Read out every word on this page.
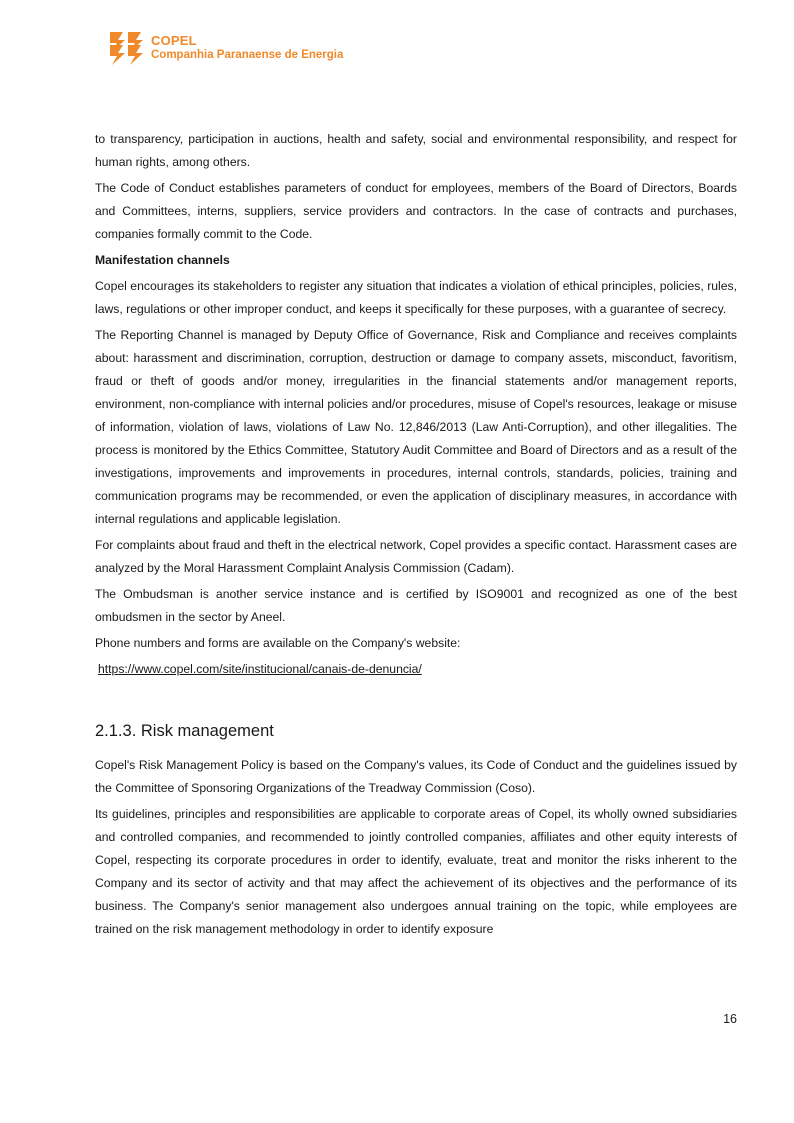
COPEL
Companhia Paranaense de Energia

to transparency, participation in auctions, health and safety, social and environmental responsibility, and respect for human rights, among others.

The Code of Conduct establishes parameters of conduct for employees, members of the Board of Directors, Boards and Committees, interns, suppliers, service providers and contractors. In the case of contracts and purchases, companies formally commit to the Code.

Manifestation channels

Copel encourages its stakeholders to register any situation that indicates a violation of ethical principles, policies, rules, laws, regulations or other improper conduct, and keeps it specifically for these purposes, with a guarantee of secrecy.

The Reporting Channel is managed by Deputy Office of Governance, Risk and Compliance and receives complaints about: harassment and discrimination, corruption, destruction or damage to company assets, misconduct, favoritism, fraud or theft of goods and/or money, irregularities in the financial statements and/or management reports, environment, non-compliance with internal policies and/or procedures, misuse of Copel's resources, leakage or misuse of information, violation of laws, violations of Law No. 12,846/2013 (Law Anti-Corruption), and other illegalities. The process is monitored by the Ethics Committee, Statutory Audit Committee and Board of Directors and as a result of the investigations, improvements and improvements in procedures, internal controls, standards, policies, training and communication programs may be recommended, or even the application of disciplinary measures, in accordance with internal regulations and applicable legislation.

For complaints about fraud and theft in the electrical network, Copel provides a specific contact. Harassment cases are analyzed by the Moral Harassment Complaint Analysis Commission (Cadam).

The Ombudsman is another service instance and is certified by ISO9001 and recognized as one of the best ombudsmen in the sector by Aneel.

Phone numbers and forms are available on the Company's website:

https://www.copel.com/site/institucional/canais-de-denuncia/
2.1.3. Risk management

Copel's Risk Management Policy is based on the Company's values, its Code of Conduct and the guidelines issued by the Committee of Sponsoring Organizations of the Treadway Commission (Coso).

Its guidelines, principles and responsibilities are applicable to corporate areas of Copel, its wholly owned subsidiaries and controlled companies, and recommended to jointly controlled companies, affiliates and other equity interests of Copel, respecting its corporate procedures in order to identify, evaluate, treat and monitor the risks inherent to the Company and its sector of activity and that may affect the achievement of its objectives and the performance of its business. The Company's senior management also undergoes annual training on the topic, while employees are trained on the risk management methodology in order to identify exposure

16
